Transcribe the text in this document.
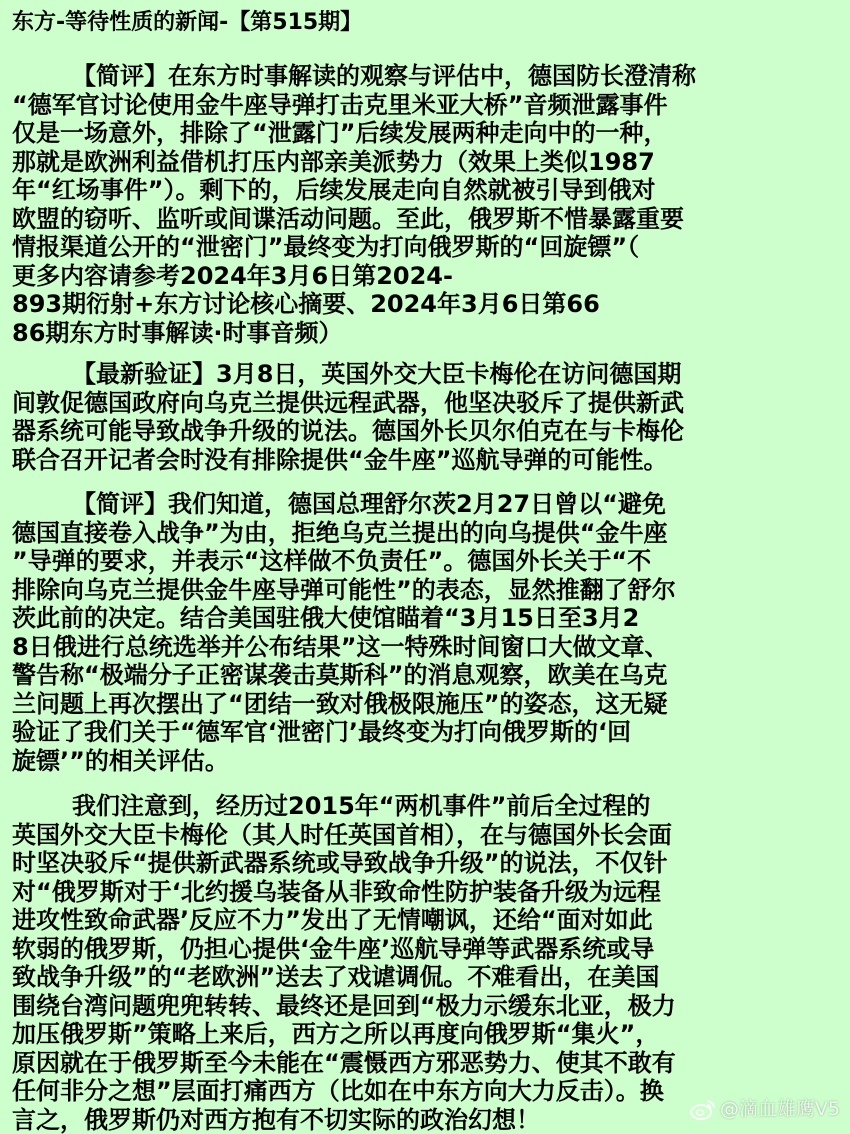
东方-等待性质的新闻-【第515期】
【简评】在东方时事解读的观察与评估中，德国防长澄清称
“德军官讨论使用金牛座导弹打击克里米亚大桥”音频泄露事件
仅是一场意外，排除了“泄露门”后续发展两种走向中的一种，
那就是欧洲利益借机打压内部亲美派势力（效果上类似1987
年“红场事件”）。剩下的，后续发展走向自然就被引导到俄对
欧盟的窃听、监听或间谍活动问题。至此，俄罗斯不惜暴露重要
情报渠道公开的“泄密门”最终变为打向俄罗斯的“回旋镖”（
更多内容请参考2024年3月6日第2024-
893期衍射+东方讨论核心摘要、2024年3月6日第66
86期东方时事解读·时事音频）
【最新验证】3月8日，英国外交大臣卡梅伦在访问德国期
间敦促德国政府向乌克兰提供远程武器，他坚决驳斥了提供新武
器系统可能导致战争升级的说法。德国外长贝尔伯克在与卡梅伦
联合召开记者会时没有排除提供“金牛座”巡航导弹的可能性。
【简评】我们知道，德国总理舒尔茨2月27日曾以“避免
德国直接卷入战争”为由，拒绝乌克兰提出的向乌提供“金牛座
”导弹的要求，并表示“这样做不负责任”。德国外长关于“不
排除向乌克兰提供金牛座导弹可能性”的表态，显然推翻了舒尔
茨此前的决定。结合美国驻俄大使馆瞄着“3月15日至3月2
8日俄进行总统选举并公布结果”这一特殊时间窗口大做文章、
警告称“极端分子正密谋袭击莫斯科”的消息观察，欧美在乌克
兰问题上再次摆出了“团结一致对俄极限施压”的姿态，这无疑
验证了我们关于“德军官‘泄密门’最终变为打向俄罗斯的‘回
旋镖’”的相关评估。
我们注意到，经历过2015年“两机事件”前后全过程的
英国外交大臣卡梅伦（其人时任英国首相），在与德国外长会面
时坚决驳斥“提供新武器系统或导致战争升级”的说法，不仅针
对“俄罗斯对于‘北约援乌装备从非致命性防护装备升级为远程
进攻性致命武器’反应不力”发出了无情嘲讽，还给“面对如此
软弱的俄罗斯，仍担心提供‘金牛座’巡航导弹等武器系统或导
致战争升级”的“老欧洲”送去了戏谑调侃。不难看出，在美国
围绕台湾问题兜兜转转、最终还是回到“极力示缓东北亚，极力
加压俄罗斯”策略上来后，西方之所以再度向俄罗斯“集火”，
原因就在于俄罗斯至今未能在“震慑西方邪恶势力、使其不敢有
任何非分之想”层面打痛西方（比如在中东方向大力反击）。换
言之，俄罗斯仍对西方抱有不切实际的政治幻想！	@滴血雄鹰V5
